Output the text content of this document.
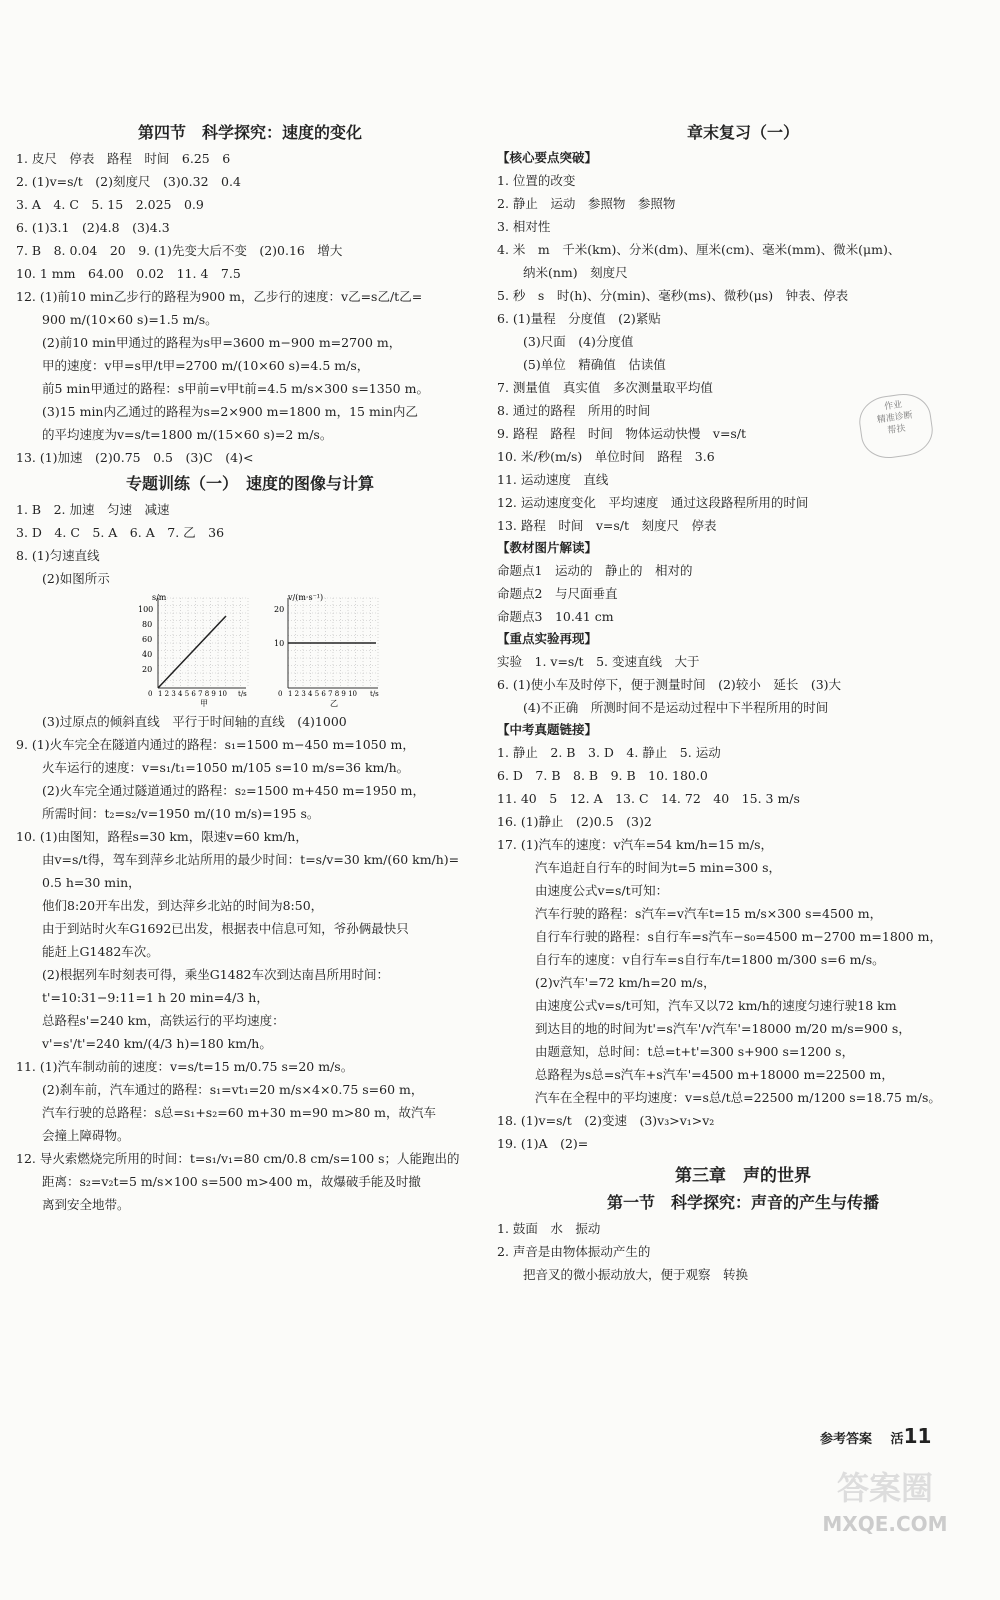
第四节　科学探究：速度的变化
1. 皮尺　停表　路程　时间　6.25　6
2. (1)v=s/t　(2)刻度尺　(3)0.32　0.4
3. A　4. C　5. 15　2.025　0.9
6. (1)3.1　(2)4.8　(3)4.3
7. B　8. 0.04　20　9. (1)先变大后不变　(2)0.16　增大
10. 1 mm　64.00　0.02　11. 4　7.5
12. (1)前10 min乙步行的路程为900 m，乙步行的速度：v乙=s乙/t乙=
900 m/(10×60 s)=1.5 m/s。
(2)前10 min甲通过的路程为s甲=3600 m−900 m=2700 m，
甲的速度：v甲=s甲/t甲=2700 m/(10×60 s)=4.5 m/s，
前5 min甲通过的路程：s甲前=v甲t前=4.5 m/s×300 s=1350 m。
(3)15 min内乙通过的路程为s=2×900 m=1800 m，15 min内乙
的平均速度为v=s/t=1800 m/(15×60 s)=2 m/s。
13. (1)加速　(2)0.75　0.5　(3)C　(4)<
专题训练（一）　速度的图像与计算
1. B　2. 加速　匀速　减速
3. D　4. C　5. A　6. A　7. 乙　36
8. (1)匀速直线
(2)如图所示
s/m
100
80
60
40
20
0 1 2 3 4 5 6 7 8 9 10 t/s
甲
v/(m·s⁻¹)
20
10
0 1 2 3 4 5 6 7 8 9 10 t/s
乙
(3)过原点的倾斜直线　平行于时间轴的直线　(4)1000
9. (1)火车完全在隧道内通过的路程：s₁=1500 m−450 m=1050 m，
火车运行的速度：v=s₁/t₁=1050 m/105 s=10 m/s=36 km/h。
(2)火车完全通过隧道通过的路程：s₂=1500 m+450 m=1950 m，
所需时间：t₂=s₂/v=1950 m/(10 m/s)=195 s。
10. (1)由图知，路程s=30 km，限速v=60 km/h，
由v=s/t得，驾车到萍乡北站所用的最少时间：t=s/v=30 km/(60 km/h)=
0.5 h=30 min，
他们8:20开车出发，到达萍乡北站的时间为8:50，
由于到站时火车G1692已出发，根据表中信息可知，爷孙俩最快只
能赶上G1482车次。
(2)根据列车时刻表可得，乘坐G1482车次到达南昌所用时间：
t'=10:31−9:11=1 h 20 min=4/3 h，
总路程s'=240 km，高铁运行的平均速度：
v'=s'/t'=240 km/(4/3 h)=180 km/h。
11. (1)汽车制动前的速度：v=s/t=15 m/0.75 s=20 m/s。
(2)刹车前，汽车通过的路程：s₁=vt₁=20 m/s×4×0.75 s=60 m，
汽车行驶的总路程：s总=s₁+s₂=60 m+30 m=90 m>80 m，故汽车
会撞上障碍物。
12. 导火索燃烧完所用的时间：t=s₁/v₁=80 cm/0.8 cm/s=100 s；人能跑出的
距离：s₂=v₂t=5 m/s×100 s=500 m>400 m，故爆破手能及时撤
离到安全地带。
章末复习（一）
【核心要点突破】
1. 位置的改变
2. 静止　运动　参照物　参照物
3. 相对性
4. 米　m　千米(km)、分米(dm)、厘米(cm)、毫米(mm)、微米(μm)、
纳米(nm)　刻度尺
5. 秒　s　时(h)、分(min)、毫秒(ms)、微秒(μs)　钟表、停表
6. (1)量程　分度值　(2)紧贴
(3)尺面　(4)分度值
(5)单位　精确值　估读值
7. 测量值　真实值　多次测量取平均值
8. 通过的路程　所用的时间
9. 路程　路程　时间　物体运动快慢　v=s/t
10. 米/秒(m/s)　单位时间　路程　3.6
11. 运动速度　直线
12. 运动速度变化　平均速度　通过这段路程所用的时间
13. 路程　时间　v=s/t　刻度尺　停表
【教材图片解读】
命题点1　运动的　静止的　相对的
命题点2　与尺面垂直
命题点3　10.41 cm
【重点实验再现】
实验　1. v=s/t　5. 变速直线　大于
6. (1)使小车及时停下，便于测量时间　(2)较小　延长　(3)大
(4)不正确　所测时间不是运动过程中下半程所用的时间
【中考真题链接】
1. 静止　2. B　3. D　4. 静止　5. 运动
6. D　7. B　8. B　9. B　10. 180.0
11. 40　5　12. A　13. C　14. 72　40　15. 3 m/s
16. (1)静止　(2)0.5　(3)2
17. (1)汽车的速度：v汽车=54 km/h=15 m/s，
汽车追赶自行车的时间为t=5 min=300 s，
由速度公式v=s/t可知：
汽车行驶的路程：s汽车=v汽车t=15 m/s×300 s=4500 m，
自行车行驶的路程：s自行车=s汽车−s₀=4500 m−2700 m=1800 m，
自行车的速度：v自行车=s自行车/t=1800 m/300 s=6 m/s。
(2)v汽车'=72 km/h=20 m/s，
由速度公式v=s/t可知，汽车又以72 km/h的速度匀速行驶18 km
到达目的地的时间为t'=s汽车'/v汽车'=18000 m/20 m/s=900 s，
由题意知，总时间：t总=t+t'=300 s+900 s=1200 s，
总路程为s总=s汽车+s汽车'=4500 m+18000 m=22500 m，
汽车在全程中的平均速度：v=s总/t总=22500 m/1200 s=18.75 m/s。
18. (1)v=s/t　(2)变速　(3)v₃>v₁>v₂
19. (1)A　(2)=
第三章　声的世界
第一节　科学探究：声音的产生与传播
1. 鼓面　水　振动
2. 声音是由物体振动产生的
把音叉的微小振动放大，便于观察　转换
作业
精准诊断
帮扶
参考答案 活11
答案圈
MXQE.COM
